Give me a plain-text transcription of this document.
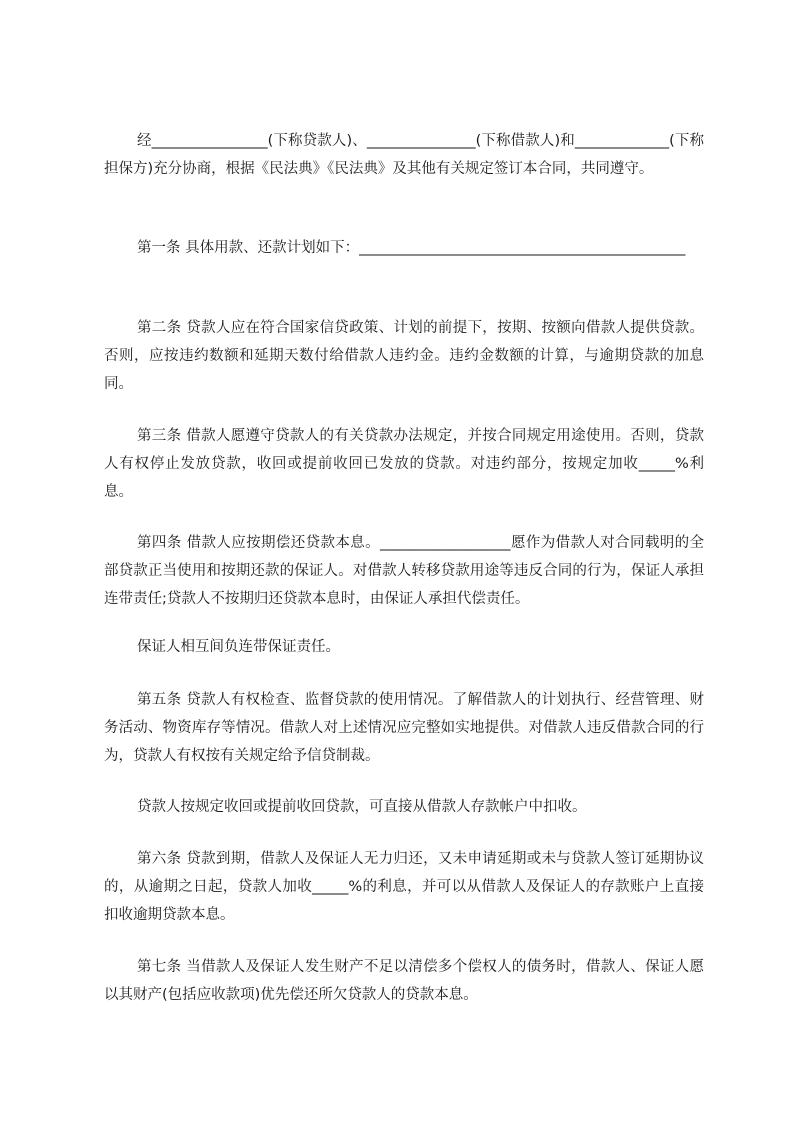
经________________(下称贷款人)、_______________(下称借款人)和_____________(下称担保方)充分协商，根据《民法典》《民法典》及其他有关规定签订本合同，共同遵守。

第一条 具体用款、还款计划如下：_____________________________________________

第二条 贷款人应在符合国家信贷政策、计划的前提下，按期、按额向借款人提供贷款。否则，应按违约数额和延期天数付给借款人违约金。违约金数额的计算，与逾期贷款的加息同。

第三条 借款人愿遵守贷款人的有关贷款办法规定，并按合同规定用途使用。否则，贷款人有权停止发放贷款，收回或提前收回已发放的贷款。对违约部分，按规定加收_____%利息。

第四条 借款人应按期偿还贷款本息。__________________愿作为借款人对合同载明的全部贷款正当使用和按期还款的保证人。对借款人转移贷款用途等违反合同的行为，保证人承担连带责任;贷款人不按期归还贷款本息时，由保证人承担代偿责任。

保证人相互间负连带保证责任。

第五条 贷款人有权检查、监督贷款的使用情况。了解借款人的计划执行、经营管理、财务活动、物资库存等情况。借款人对上述情况应完整如实地提供。对借款人违反借款合同的行为，贷款人有权按有关规定给予信贷制裁。

贷款人按规定收回或提前收回贷款，可直接从借款人存款帐户中扣收。

第六条 贷款到期，借款人及保证人无力归还，又未申请延期或未与贷款人签订延期协议的，从逾期之日起，贷款人加收_____%的利息，并可以从借款人及保证人的存款账户上直接扣收逾期贷款本息。

第七条 当借款人及保证人发生财产不足以清偿多个偿权人的债务时，借款人、保证人愿以其财产(包括应收款项)优先偿还所欠贷款人的贷款本息。
